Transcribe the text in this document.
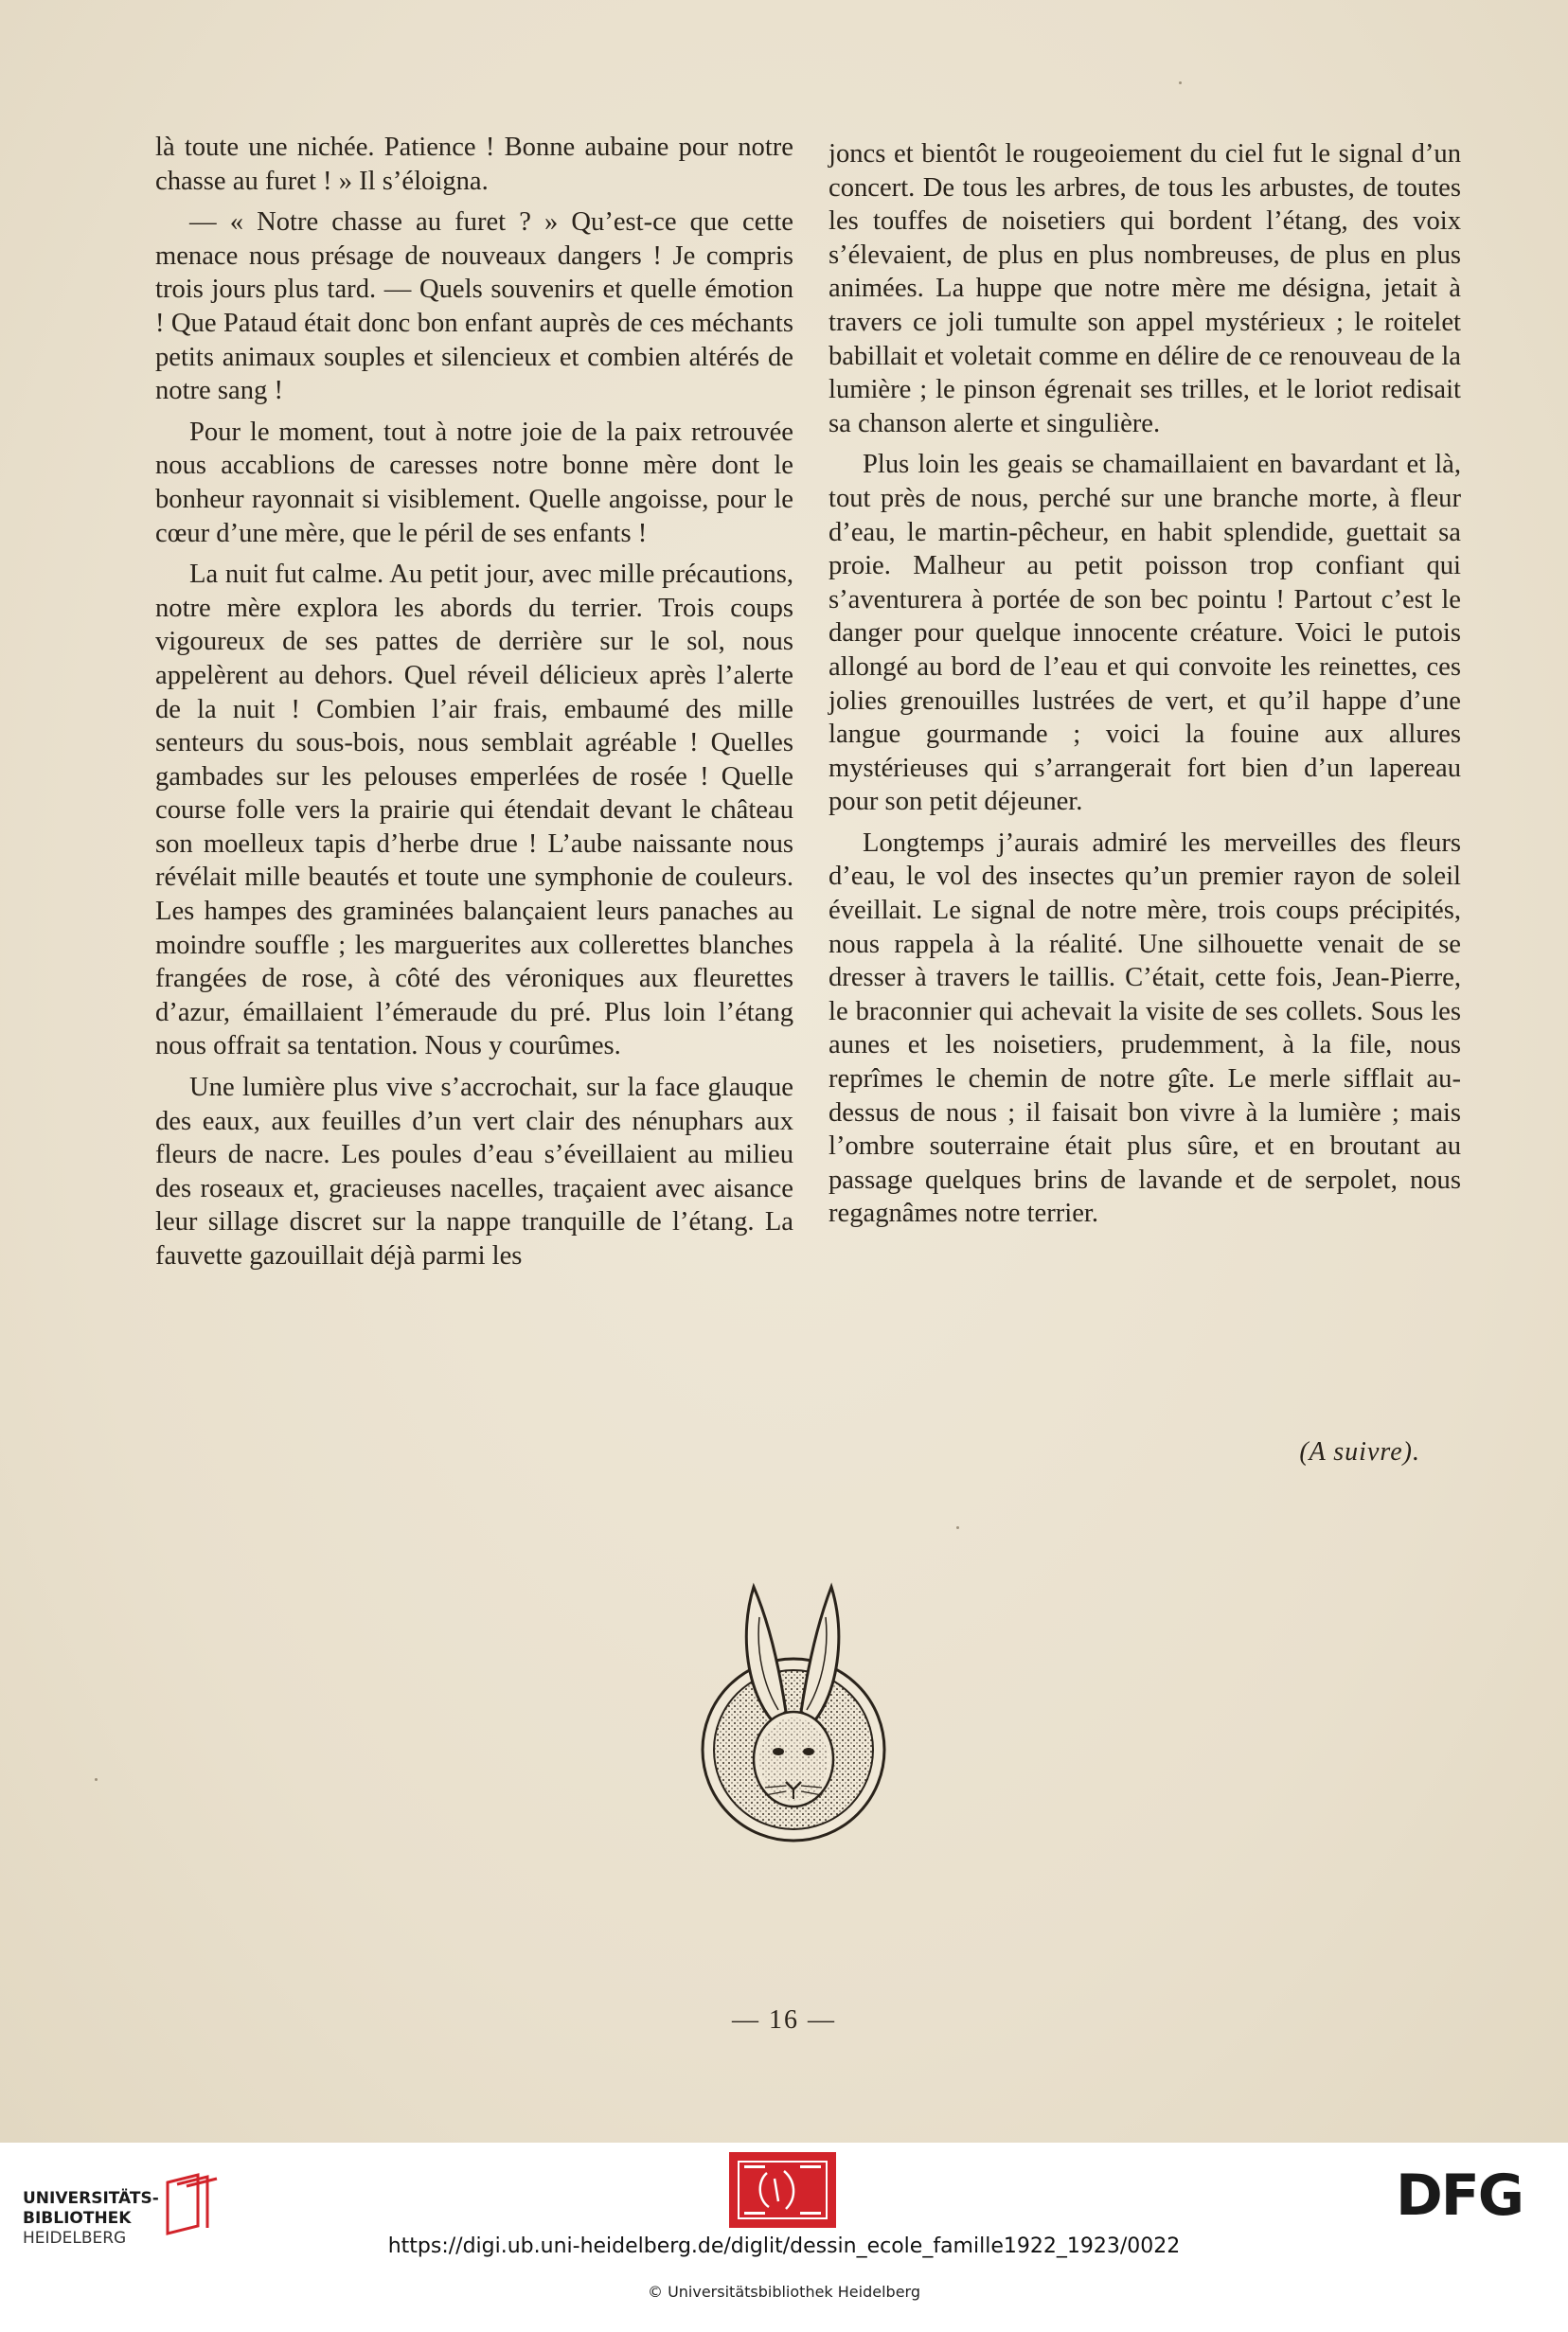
là toute une nichée. Patience ! Bonne aubaine pour notre chasse au furet ! » Il s’éloigna.

— « Notre chasse au furet ? » Qu’est-ce que cette menace nous présage de nouveaux dangers ! Je compris trois jours plus tard. — Quels souvenirs et quelle émotion ! Que Pataud était donc bon enfant auprès de ces méchants petits animaux souples et silencieux et combien altérés de notre sang !

Pour le moment, tout à notre joie de la paix retrouvée nous accablions de caresses notre bonne mère dont le bonheur rayonnait si visiblement. Quelle angoisse, pour le cœur d’une mère, que le péril de ses enfants !

La nuit fut calme. Au petit jour, avec mille précautions, notre mère explora les abords du terrier. Trois coups vigoureux de ses pattes de derrière sur le sol, nous appelèrent au dehors. Quel réveil délicieux après l’alerte de la nuit ! Combien l’air frais, embaumé des mille senteurs du sous-bois, nous semblait agréable ! Quelles gambades sur les pelouses emperlées de rosée ! Quelle course folle vers la prairie qui étendait devant le château son moelleux tapis d’herbe drue ! L’aube naissante nous révélait mille beautés et toute une symphonie de couleurs. Les hampes des graminées balançaient leurs panaches au moindre souffle ; les marguerites aux collerettes blanches frangées de rose, à côté des véroniques aux fleurettes d’azur, émaillaient l’émeraude du pré. Plus loin l’étang nous offrait sa tentation. Nous y courûmes.

Une lumière plus vive s’accrochait, sur la face glauque des eaux, aux feuilles d’un vert clair des nénuphars aux fleurs de nacre. Les poules d’eau s’éveillaient au milieu des roseaux et, gracieuses nacelles, traçaient avec aisance leur sillage discret sur la nappe tranquille de l’étang. La fauvette gazouillait déjà parmi les

joncs et bientôt le rougeoiement du ciel fut le signal d’un concert. De tous les arbres, de tous les arbustes, de toutes les touffes de noisetiers qui bordent l’étang, des voix s’élevaient, de plus en plus nombreuses, de plus en plus animées. La huppe que notre mère me désigna, jetait à travers ce joli tumulte son appel mystérieux ; le roitelet babillait et voletait comme en délire de ce renouveau de la lumière ; le pinson égrenait ses trilles, et le loriot redisait sa chanson alerte et singulière.

Plus loin les geais se chamaillaient en bavardant et là, tout près de nous, perché sur une branche morte, à fleur d’eau, le martin-pêcheur, en habit splendide, guettait sa proie. Malheur au petit poisson trop confiant qui s’aventurera à portée de son bec pointu ! Partout c’est le danger pour quelque innocente créature. Voici le putois allongé au bord de l’eau et qui convoite les reinettes, ces jolies grenouilles lustrées de vert, et qu’il happe d’une langue gourmande ; voici la fouine aux allures mystérieuses qui s’arrangerait fort bien d’un lapereau pour son petit déjeuner.

Longtemps j’aurais admiré les merveilles des fleurs d’eau, le vol des insectes qu’un premier rayon de soleil éveillait. Le signal de notre mère, trois coups précipités, nous rappela à la réalité. Une silhouette venait de se dresser à travers le taillis. C’était, cette fois, Jean-Pierre, le braconnier qui achevait la visite de ses collets. Sous les aunes et les noisetiers, prudemment, à la file, nous reprîmes le chemin de notre gîte. Le merle sifflait au-dessus de nous ; il faisait bon vivre à la lumière ; mais l’ombre souterraine était plus sûre, et en broutant au passage quelques brins de lavande et de serpolet, nous regagnâmes notre terrier.

(A suivre).
— 16 —
UNIVERSITÄTS-
BIBLIOTHEK
HEIDELBERG
DFG
https://digi.ub.uni-heidelberg.de/diglit/dessin_ecole_famille1922_1923/0022
© Universitätsbibliothek Heidelberg
